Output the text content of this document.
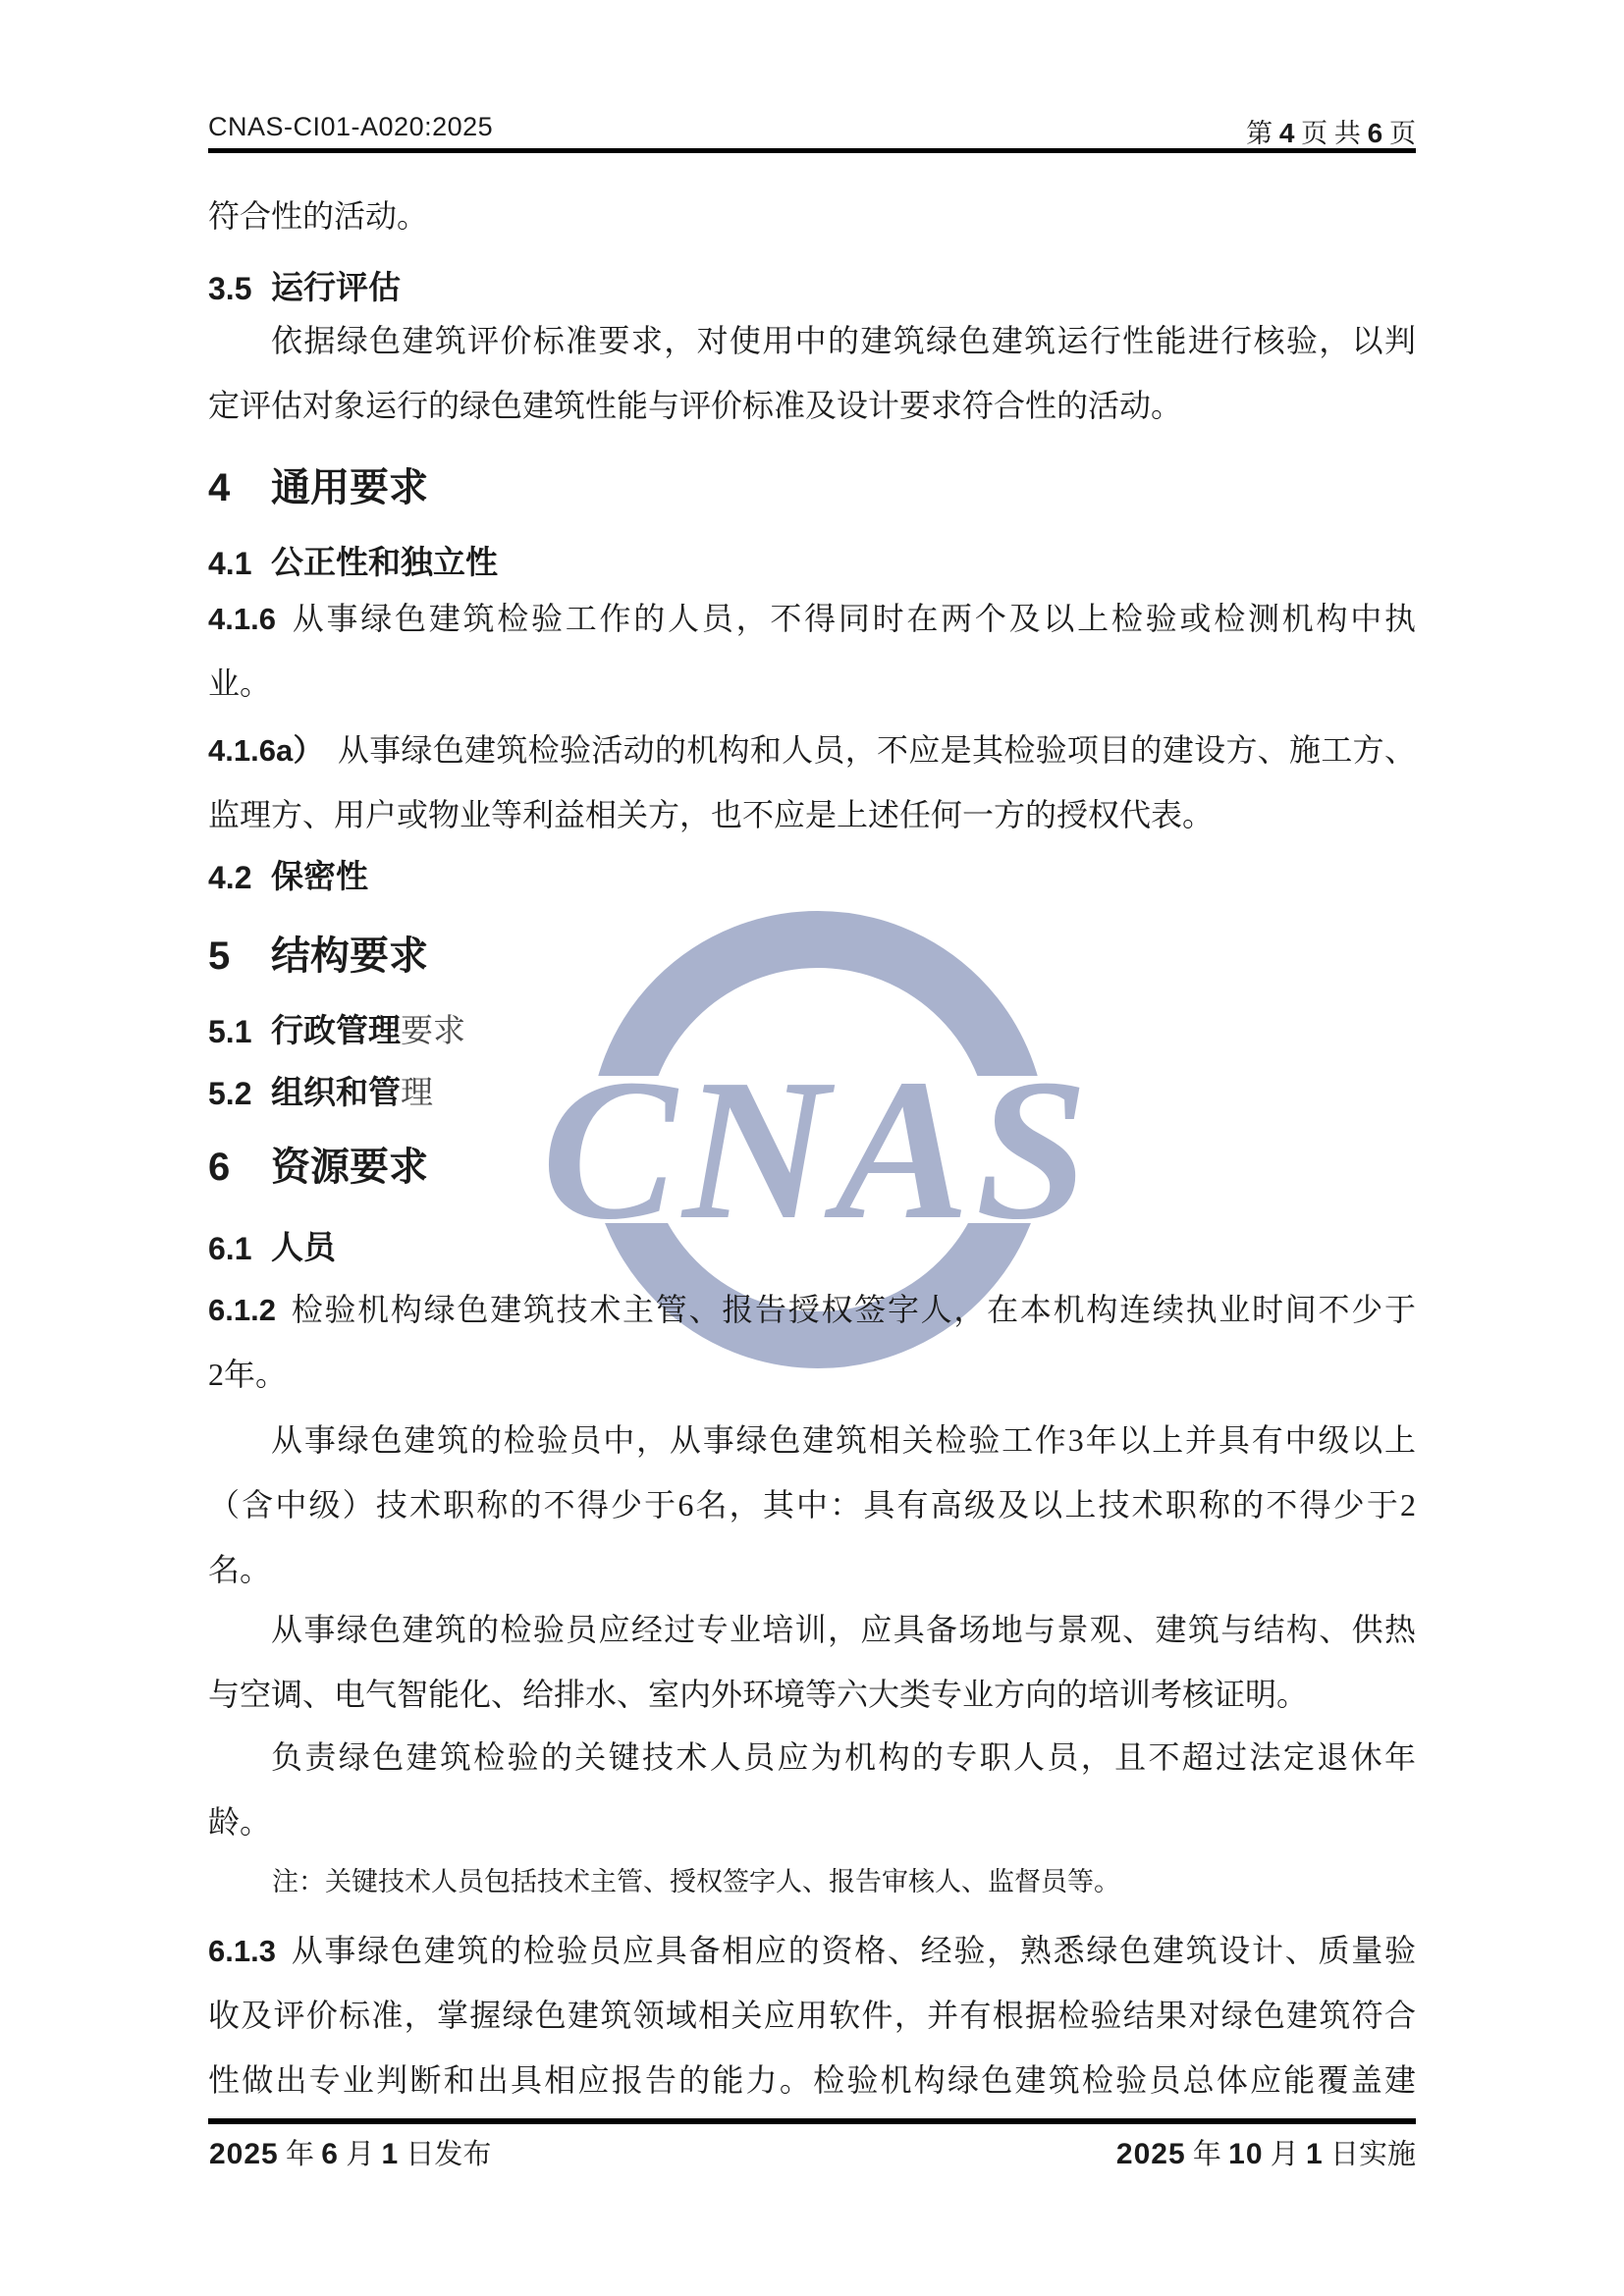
CNAS
CNAS-CI01-A020:2025	第 4 页 共 6 页
符合性的活动。
3.5 运行评估
依据绿色建筑评价标准要求，对使用中的建筑绿色建筑运行性能进行核验，以判
定评估对象运行的绿色建筑性能与评价标准及设计要求符合性的活动。
4	通用要求
4.1 公正性和独立性
4.1.6 从事绿色建筑检验工作的人员，不得同时在两个及以上检验或检测机构中执
业。
4.1.6a） 从事绿色建筑检验活动的机构和人员，不应是其检验项目的建设方、施工方、
监理方、用户或物业等利益相关方，也不应是上述任何一方的授权代表。
4.2 保密性
5	结构要求
5.1 行政管理要求
5.2 组织和管理
6	资源要求
6.1 人员
6.1.2 检验机构绿色建筑技术主管、报告授权签字人，在本机构连续执业时间不少于
2年。
从事绿色建筑的检验员中，从事绿色建筑相关检验工作3年以上并具有中级以上
（含中级）技术职称的不得少于6名，其中：具有高级及以上技术职称的不得少于2
名。
从事绿色建筑的检验员应经过专业培训，应具备场地与景观、建筑与结构、供热
与空调、电气智能化、给排水、室内外环境等六大类专业方向的培训考核证明。
负责绿色建筑检验的关键技术人员应为机构的专职人员，且不超过法定退休年
龄。
注：关键技术人员包括技术主管、授权签字人、报告审核人、监督员等。
6.1.3 从事绿色建筑的检验员应具备相应的资格、经验，熟悉绿色建筑设计、质量验
收及评价标准，掌握绿色建筑领域相关应用软件，并有根据检验结果对绿色建筑符合
性做出专业判断和出具相应报告的能力。检验机构绿色建筑检验员总体应能覆盖建
2025 年 6 月 1 日发布	2025 年 10 月 1 日实施
